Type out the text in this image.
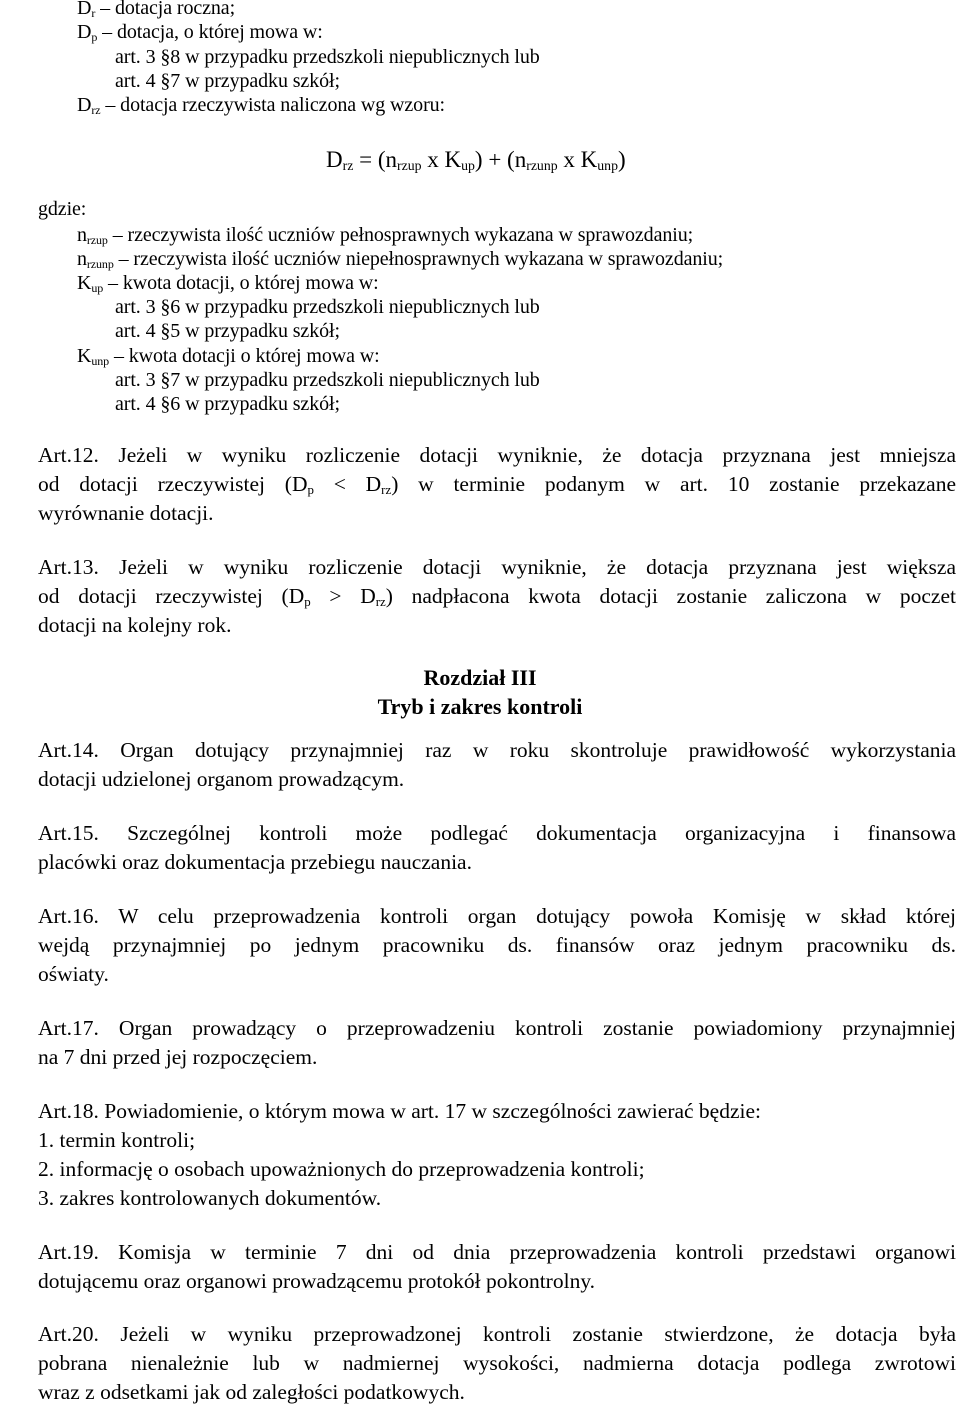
$D_r$ – dotacja roczna;
$D_p$ – dotacja, o której mowa w:
art. 3 §8 w przypadku przedszkoli niepublicznych lub
art. 4 §7 w przypadku szkół;
$D_{rz}$ – dotacja rzeczywista naliczona wg wzoru:
$D_{rz} = (n_{rzup}$ x $K_{up}) + (n_{rzunp}$ x $K_{unp}$)
gdzie:
$n_{rzup}$ – rzeczywista ilość uczniów pełnosprawnych wykazana w sprawozdaniu;
$n_{rzunp}$ – rzeczywista ilość uczniów niepełnosprawnych wykazana w sprawozdaniu;
$K_{up}$ – kwota dotacji, o której mowa w:
art. 3 §6 w przypadku przedszkoli niepublicznych lub
art. 4 §5 w przypadku szkół;
$K_{unp}$ – kwota dotacji o której mowa w:
art. 3 §7 w przypadku przedszkoli niepublicznych lub
art. 4 §6 w przypadku szkół;
Art.12. Jeżeli w wyniku rozliczenie dotacji wyniknie, że dotacja przyznana jest mniejsza
od dotacji rzeczywistej $(D_p < D_{rz})$ w terminie podanym w art. 10 zostanie przekazane
wyrównanie dotacji.
Art.13. Jeżeli w wyniku rozliczenie dotacji wyniknie, że dotacja przyznana jest większa
od dotacji rzeczywistej $(D_p > D_{rz})$ nadpłacona kwota dotacji zostanie zaliczona w poczet
dotacji na kolejny rok.
Rozdział III
Tryb i zakres kontroli
Art.14. Organ dotujący przynajmniej raz w roku skontroluje prawidłowość wykorzystania
dotacji udzielonej organom prowadzącym.
Art.15. Szczególnej kontroli może podlegać dokumentacja organizacyjna i finansowa
placówki oraz dokumentacja przebiegu nauczania.
Art.16. W celu przeprowadzenia kontroli organ dotujący powoła Komisję w skład której
wejdą przynajmniej po jednym pracowniku ds. finansów oraz jednym pracowniku ds.
oświaty.
Art.17. Organ prowadzący o przeprowadzeniu kontroli zostanie powiadomiony przynajmniej
na 7 dni przed jej rozpoczęciem.
Art.18. Powiadomienie, o którym mowa w art. 17 w szczególności zawierać będzie:
1. termin kontroli;
2. informację o osobach upoważnionych do przeprowadzenia kontroli;
3. zakres kontrolowanych dokumentów.
Art.19. Komisja w terminie 7 dni od dnia przeprowadzenia kontroli przedstawi organowi
dotującemu oraz organowi prowadzącemu protokół pokontrolny.
Art.20. Jeżeli w wyniku przeprowadzonej kontroli zostanie stwierdzone, że dotacja była
pobrana nienależnie lub w nadmiernej wysokości, nadmierna dotacja podlega zwrotowi
wraz z odsetkami jak od zaległości podatkowych.
